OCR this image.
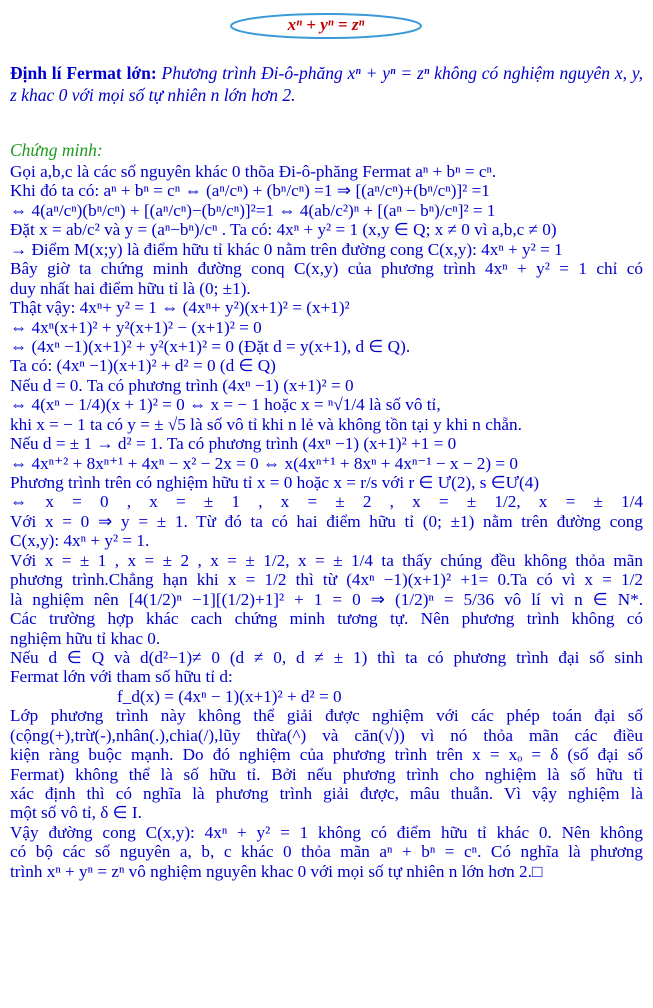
xⁿ + yⁿ = zⁿ
Định lí Fermat lớn: Phương trình Đi-ô-phăng xⁿ + yⁿ = zⁿ không có nghiệm nguyên x, y, z khac 0 với mọi số tự nhiên n lớn hơn 2.
Chứng minh:
Gọi a,b,c là các số nguyên khác 0 thõa Đi-ô-phăng Fermat aⁿ + bⁿ = cⁿ.
Khi đó ta có: aⁿ + bⁿ = cⁿ ⇔ (aⁿ/cⁿ) + (bⁿ/cⁿ) =1 ⇒ [(aⁿ/cⁿ)+(bⁿ/cⁿ)]² =1
⇔ 4(aⁿ/cⁿ)(bⁿ/cⁿ) + [(aⁿ/cⁿ)−(bⁿ/cⁿ)]²=1 ⇔ 4(ab/c²)ⁿ + [(aⁿ − bⁿ)/cⁿ]² = 1
Đặt x = ab/c² và y = (aⁿ−bⁿ)/cⁿ . Ta có: 4xⁿ + y² = 1 (x,y ∈ Q; x ≠ 0 vì a,b,c ≠ 0)
→ Điểm M(x;y) là điểm hữu tỉ khác 0 nằm trên đường cong C(x,y): 4xⁿ + y² = 1
Bây giờ ta chứng minh đường conq C(x,y) của phương trình 4xⁿ + y² = 1 chỉ có
duy nhất hai điểm hữu tỉ là (0; ±1).
Thật vậy: 4xⁿ+ y² = 1 ⇔ (4xⁿ+ y²)(x+1)² = (x+1)²
⇔ 4xⁿ(x+1)² + y²(x+1)² − (x+1)² = 0
⇔ (4xⁿ −1)(x+1)² + y²(x+1)² = 0 (Đặt d = y(x+1), d ∈ Q).
Ta có: (4xⁿ −1)(x+1)² + d² = 0 (d ∈ Q)
Nếu d = 0. Ta có phương trình (4xⁿ −1) (x+1)² = 0
⇔ 4(xⁿ − 1/4)(x + 1)² = 0 ⇔ x = − 1 hoặc x = ⁿ√1/4 là số vô tỉ,
khi x = − 1 ta có y = ± √5 là số vô tỉ khi n lẻ và không tồn tại y khi n chẵn.
Nếu d = ± 1 → d² = 1. Ta có phương trình (4xⁿ −1) (x+1)² +1 = 0
⇔ 4xⁿ⁺² + 8xⁿ⁺¹ + 4xⁿ − x² − 2x = 0 ⇔ x(4xⁿ⁺¹ + 8xⁿ + 4xⁿ⁻¹ − x − 2) = 0
Phương trình trên có nghiệm hữu tỉ x = 0 hoặc x = r/s với r ∈ Ư(2), s ∈Ư(4)
⇔ x = 0 , x = ± 1 , x = ± 2 , x = ± 1/2, x = ± 1/4
Với x = 0 ⇒ y = ± 1. Từ đó ta có hai điểm hữu tỉ (0; ±1) nằm trên đường cong
C(x,y): 4xⁿ + y² = 1.
Với x = ± 1 , x = ± 2 , x = ± 1/2, x = ± 1/4 ta thấy chúng đều không thỏa mãn
phương trình.Chẳng hạn khi x = 1/2 thì từ (4xⁿ −1)(x+1)² +1= 0.Ta có vì x = 1/2
là nghiệm nên [4(1/2)ⁿ −1][(1/2)+1]² + 1 = 0 ⇒ (1/2)ⁿ = 5/36 vô lí vì n ∈ N*.
Các trường hợp khác cach chứng minh tương tự. Nên phương trình không có
nghiệm hữu tỉ khac 0.
Nếu d ∈ Q và d(d²−1)≠ 0 (d ≠ 0, d ≠ ± 1) thì ta có phương trình đại số sinh
Fermat lớn với tham số hữu tỉ d:
f_d(x) = (4xⁿ − 1)(x+1)² + d² = 0
Lớp phương trình này không thể giải được nghiệm với các phép toán đại số
(cộng(+),trừ(-),nhân(.),chia(/),lũy thừa(^) và căn(√)) vì nó thỏa mãn các điều
kiện ràng buộc mạnh. Do đó nghiệm của phương trình trên x = xₒ = δ (số đại số
Fermat) không thể là số hữu tỉ. Bởi nếu phương trình cho nghiệm là số hữu tỉ
xác định thì có nghĩa là phương trình giải được, mâu thuẫn. Vì vậy nghiệm là
một số vô tỉ, δ ∈ I.
Vậy đường cong C(x,y): 4xⁿ + y² = 1 không có điểm hữu tỉ khác 0. Nên không
có bộ các số nguyên a, b, c khác 0 thỏa mãn aⁿ + bⁿ = cⁿ. Có nghĩa là phương
trình xⁿ + yⁿ = zⁿ vô nghiệm nguyên khac 0 với mọi số tự nhiên n lớn hơn 2.□
